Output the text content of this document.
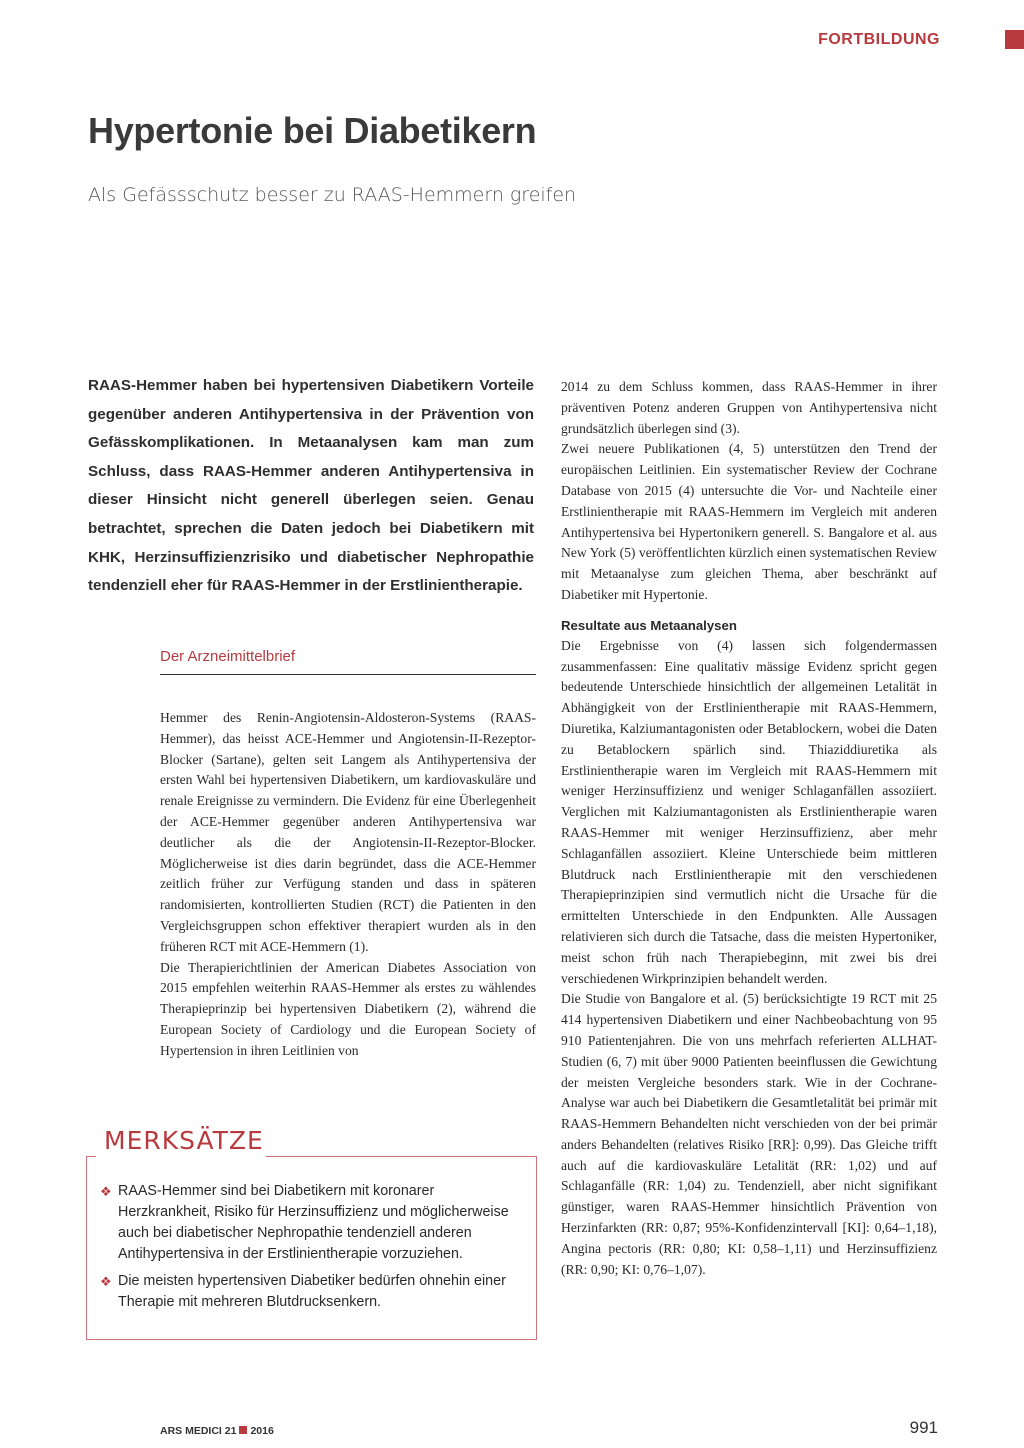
FORTBILDUNG
Hypertonie bei Diabetikern

Als Gefässschutz besser zu RAAS-Hemmern greifen

RAAS-Hemmer haben bei hypertensiven Diabetikern Vorteile gegenüber anderen Antihypertensiva in der Prävention von Gefässkomplikationen. In Metaanalysen kam man zum Schluss, dass RAAS-Hemmer anderen Antihypertensiva in dieser Hinsicht nicht generell überlegen seien. Genau betrachtet, sprechen die Daten jedoch bei Diabetikern mit KHK, Herzinsuffizienzrisiko und diabetischer Nephropathie tendenziell eher für RAAS-Hemmer in der Erstlinientherapie.

Der Arzneimittelbrief

Hemmer des Renin-Angiotensin-Aldosteron-Systems (RAAS-Hemmer), das heisst ACE-Hemmer und Angiotensin-II-Rezeptor-Blocker (Sartane), gelten seit Langem als Antihypertensiva der ersten Wahl bei hypertensiven Diabetikern, um kardiovaskuläre und renale Ereignisse zu vermindern. Die Evidenz für eine Überlegenheit der ACE-Hemmer gegenüber anderen Antihypertensiva war deutlicher als die der Angiotensin-II-Rezeptor-Blocker. Möglicherweise ist dies darin begründet, dass die ACE-Hemmer zeitlich früher zur Verfügung standen und dass in späteren randomisierten, kontrollierten Studien (RCT) die Patienten in den Vergleichsgruppen schon effektiver therapiert wurden als in den früheren RCT mit ACE-Hemmern (1).

Die Therapierichtlinien der American Diabetes Association von 2015 empfehlen weiterhin RAAS-Hemmer als erstes zu wählendes Therapieprinzip bei hypertensiven Diabetikern (2), während die European Society of Cardiology und die European Society of Hypertension in ihren Leitlinien von

2014 zu dem Schluss kommen, dass RAAS-Hemmer in ihrer präventiven Potenz anderen Gruppen von Antihypertensiva nicht grundsätzlich überlegen sind (3).

Zwei neuere Publikationen (4, 5) unterstützen den Trend der europäischen Leitlinien. Ein systematischer Review der Cochrane Database von 2015 (4) untersuchte die Vor- und Nachteile einer Erstlinientherapie mit RAAS-Hemmern im Vergleich mit anderen Antihypertensiva bei Hypertonikern generell. S. Bangalore et al. aus New York (5) veröffentlichten kürzlich einen systematischen Review mit Metaanalyse zum gleichen Thema, aber beschränkt auf Diabetiker mit Hypertonie.

Resultate aus Metaanalysen

Die Ergebnisse von (4) lassen sich folgendermassen zusammenfassen: Eine qualitativ mässige Evidenz spricht gegen bedeutende Unterschiede hinsichtlich der allgemeinen Letalität in Abhängigkeit von der Erstlinientherapie mit RAAS-Hemmern, Diuretika, Kalziumantagonisten oder Betablockern, wobei die Daten zu Betablockern spärlich sind. Thiaziddiuretika als Erstlinientherapie waren im Vergleich mit RAAS-Hemmern mit weniger Herzinsuffizienz und weniger Schlaganfällen assoziiert. Verglichen mit Kalziumantagonisten als Erstlinientherapie waren RAAS-Hemmer mit weniger Herzinsuffizienz, aber mehr Schlaganfällen assoziiert. Kleine Unterschiede beim mittleren Blutdruck nach Erstlinientherapie mit den verschiedenen Therapieprinzipien sind vermutlich nicht die Ursache für die ermittelten Unterschiede in den Endpunkten. Alle Aussagen relativieren sich durch die Tatsache, dass die meisten Hypertoniker, meist schon früh nach Therapiebeginn, mit zwei bis drei verschiedenen Wirkprinzipien behandelt werden.

Die Studie von Bangalore et al. (5) berücksichtigte 19 RCT mit 25 414 hypertensiven Diabetikern und einer Nachbeobachtung von 95 910 Patientenjahren. Die von uns mehrfach referierten ALLHAT-Studien (6, 7) mit über 9000 Patienten beeinflussen die Gewichtung der meisten Vergleiche besonders stark. Wie in der Cochrane-Analyse war auch bei Diabetikern die Gesamtletalität bei primär mit RAAS-Hemmern Behandelten nicht verschieden von der bei primär anders Behandelten (relatives Risiko [RR]: 0,99). Das Gleiche trifft auch auf die kardiovaskuläre Letalität (RR: 1,02) und auf Schlaganfälle (RR: 1,04) zu. Tendenziell, aber nicht signifikant günstiger, waren RAAS-Hemmer hinsichtlich Prävention von Herzinfarkten (RR: 0,87; 95%-Konfidenzintervall [KI]: 0,64–1,18), Angina pectoris (RR: 0,80; KI: 0,58–1,11) und Herzinsuffizienz (RR: 0,90; KI: 0,76–1,07).

MERKSÄTZE
❖ RAAS-Hemmer sind bei Diabetikern mit koronarer Herzkrankheit, Risiko für Herzinsuffizienz und möglicherweise auch bei diabetischer Nephropathie tendenziell anderen Antihypertensiva in der Erstlinientherapie vorzuziehen.
❖ Die meisten hypertensiven Diabetiker bedürfen ohnehin einer Therapie mit mehreren Blutdrucksenkern.
ARS MEDICI 21 2016	991
